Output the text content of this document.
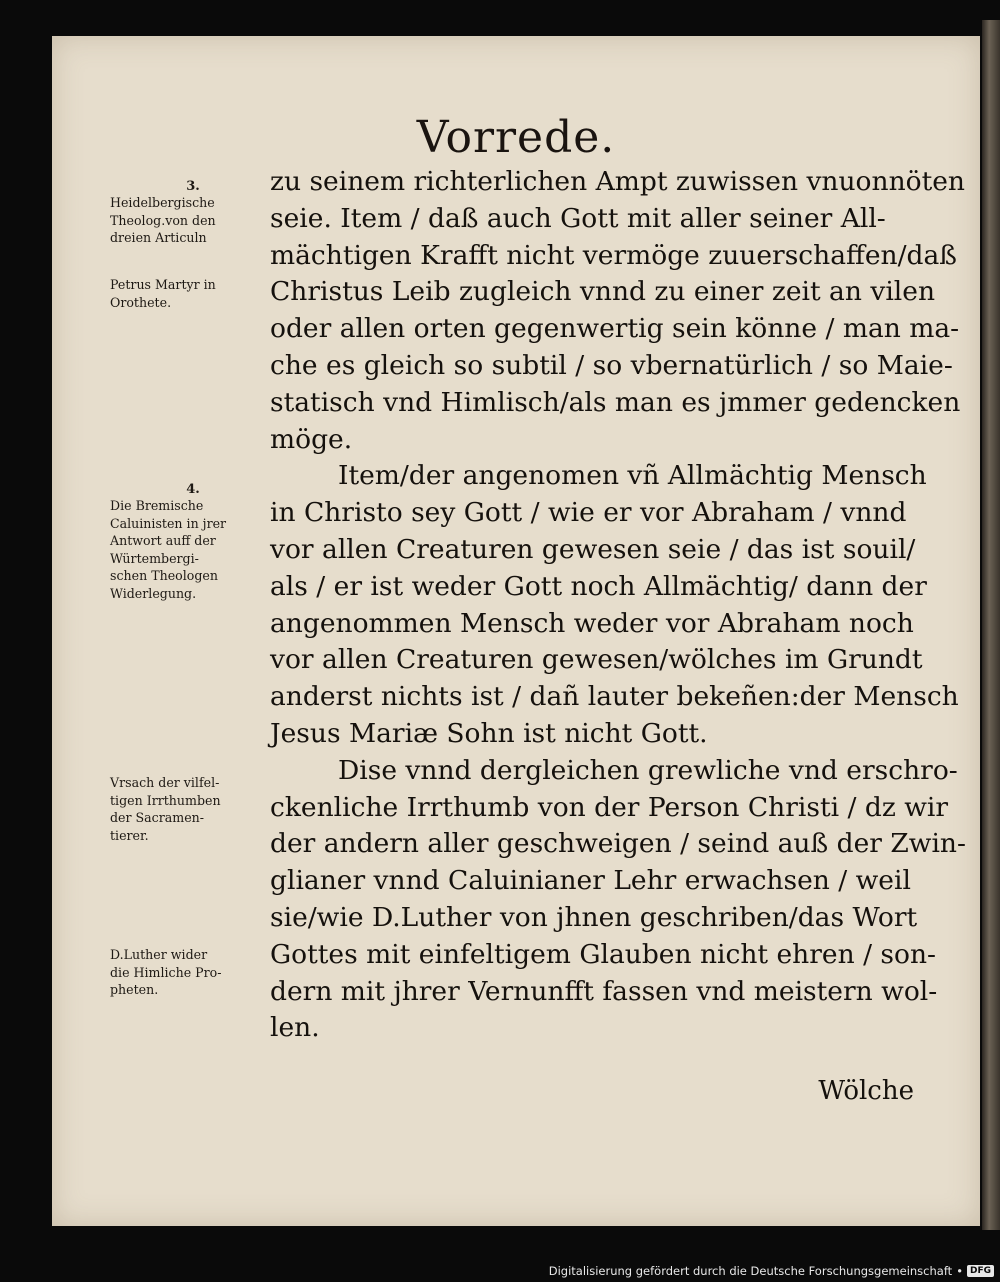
Vorrede.
zu seinem richterlichen Ampt zuwissen vnuonnöten
seie. Item / daß auch Gott mit aller seiner All-
mächtigen Krafft nicht vermöge zuuerschaffen/daß
Christus Leib zugleich vnnd zu einer zeit an vilen
oder allen orten gegenwertig sein könne / man ma-
che es gleich so subtil / so vbernatürlich / so Maie-
statisch vnd Himlisch/als man es jmmer gedencken
möge.
Item/der angenomen vñ Allmächtig Mensch
in Christo sey Gott / wie er vor Abraham / vnnd
vor allen Creaturen gewesen seie / das ist souil/
als / er ist weder Gott noch Allmächtig/ dann der
angenommen Mensch weder vor Abraham noch
vor allen Creaturen gewesen/wölches im Grundt
anderst nichts ist / dañ lauter bekeñen:der Mensch
Jesus Mariæ Sohn ist nicht Gott.
Dise vnnd dergleichen grewliche vnd erschro-
ckenliche Irrthumb von der Person Christi / dz wir
der andern aller geschweigen / seind auß der Zwin-
glianer vnnd Caluinianer Lehr erwachsen / weil
sie/wie D.Luther von jhnen geschriben/das Wort
Gottes mit einfeltigem Glauben nicht ehren / son-
dern mit jhrer Vernunfft fassen vnd meistern wol-
len.
Wölche
3.
Heidelbergische
Theolog.von den
dreien Articuln
Petrus Martyr in
Orothete.
4.
Die Bremische
Caluinisten in jrer
Antwort auff der
Würtembergi-
schen Theologen
Widerlegung.
Vrsach der vilfel-
tigen Irrthumben
der Sacramen-
tierer.
D.Luther wider
die Himliche Pro-
pheten.
Digitalisierung gefördert durch die Deutsche Forschungsgemeinschaft • DFG
